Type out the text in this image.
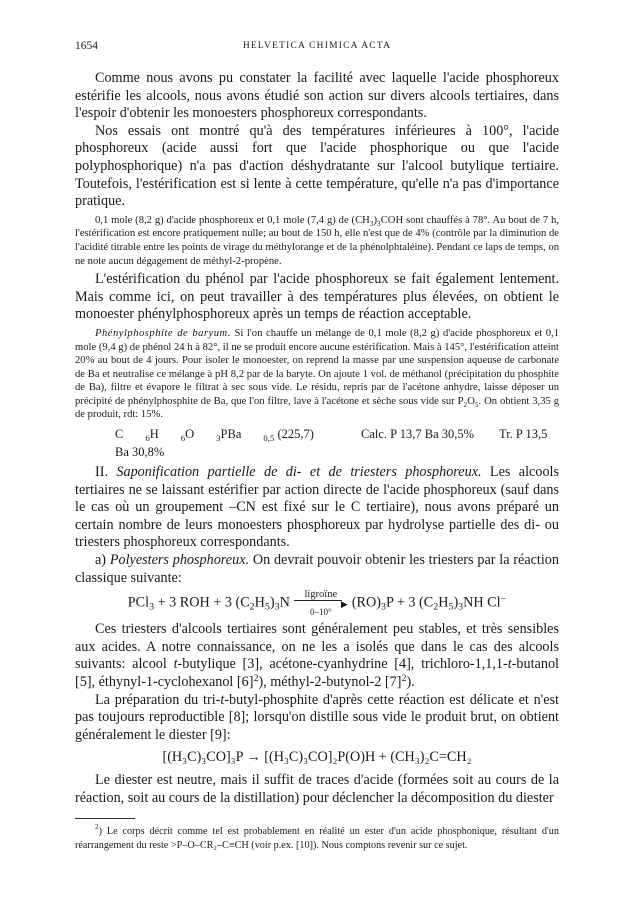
1654	HELVETICA CHIMICA ACTA

Comme nous avons pu constater la facilité avec laquelle l'acide phosphoreux estérifie les alcools, nous avons étudié son action sur divers alcools tertiaires, dans l'espoir d'obtenir les monoesters phosphoreux correspondants.

Nos essais ont montré qu'à des températures inférieures à 100°, l'acide phosphoreux (acide aussi fort que l'acide phosphorique ou que l'acide polyphosphorique) n'a pas d'action déshydratante sur l'alcool butylique tertiaire. Toutefois, l'estérification est si lente à cette température, qu'elle n'a pas d'importance pratique.

0,1 mole (8,2 g) d'acide phosphoreux et 0,1 mole (7,4 g) de $(CH_3)_3COH$ sont chauffés à 78°. Au bout de 7 h, l'estérification est encore pratiquement nulle; au bout de 150 h, elle n'est que de 4% (contrôle par la diminution de l'acidité titrable entre les points de virage du méthylorange et de la phénolphtaléine). Pendant ce laps de temps, on ne note aucun dégagement de méthyl-2-propène.

L'estérification du phénol par l'acide phosphoreux se fait également lentement. Mais comme ici, on peut travailler à des températures plus élevées, on obtient le monoester phénylphosphoreux après un temps de réaction acceptable.

Phénylphosphite de baryum. Si l'on chauffe un mélange de 0,1 mole (8,2 g) d'acide phosphoreux et 0,1 mole (9,4 g) de phénol 24 h à 82°, il ne se produit encore aucune estérification. Mais à 145°, l'estérification atteint 20% au bout de 4 jours. Pour isoler le monoester, on reprend la masse par une suspension aqueuse de carbonate de Ba et neutralise ce mélange à pH 8,2 par de la baryte. On ajoute 1 vol. de méthanol (précipitation du phosphite de Ba), filtre et évapore le filtrat à sec sous vide. Le résidu, repris par de l'acétone anhydre, laisse déposer un précipité de phénylphosphite de Ba, que l'on filtre, lave à l'acétone et sèche sous vide sur $P_2O_5$. On obtient 3,35 g de produit, rdt: 15%.

C	$_6$H	$_6$O	$_3$PBa	$_{0,5}$ (225,7)	Calc. P 13,7 Ba 30,5% Tr. P 13,5 Ba 30,8%

II. Saponification partielle de di- et de triesters phosphoreux. Les alcools tertiaires ne se laissant estérifier par action directe de l'acide phosphoreux (sauf dans le cas où un groupement –CN est fixé sur le C tertiaire), nous avons préparé un certain nombre de leurs monoesters phosphoreux par hydrolyse partielle des di- ou triesters phosphoreux correspondants.

a) Polyesters phosphoreux. On devrait pouvoir obtenir les triesters par la réaction classique suivante:

PCl$_3$ + 3 ROH + 3 $(C_2H_5)_3N$	ligroïne
▶
0–10°
$(RO)_3P + 3$ $(C_2H_5)_3NH$ Cl−

Ces triesters d'alcools tertiaires sont généralement peu stables, et très sensibles aux acides. A notre connaissance, on ne les a isolés que dans le cas des alcools suivants: alcool t-butylique [3], acétone-cyanhydrine [4], trichloro-1,1,1-t-butanol [5], éthynyl-1-cyclohexanol $[6]^2$), méthyl-2-butynol-2 $[7]^2$).

La préparation du tri-t-butyl-phosphite d'après cette réaction est délicate et n'est pas toujours reproductible [8]; lorsqu'on distille sous vide le produit brut, on obtient généralement le diester [9]:

[(H₃C)₃CO]₃P → [(H₃C)₃CO]₂P(O)H + (CH₃)₂C=CH₂

Le diester est neutre, mais il suffit de traces d'acide (formées soit au cours de la réaction, soit au cours de la distillation) pour déclencher la décomposition du diester

$^2$) Le corps décrit comme tel est probablement en réalité un ester d'un acide phosphonique, résultant d'un réarrangement du reste >P–O–CR₂–C≡CH (voir p.ex. [10]). Nous comptons revenir sur ce sujet.
